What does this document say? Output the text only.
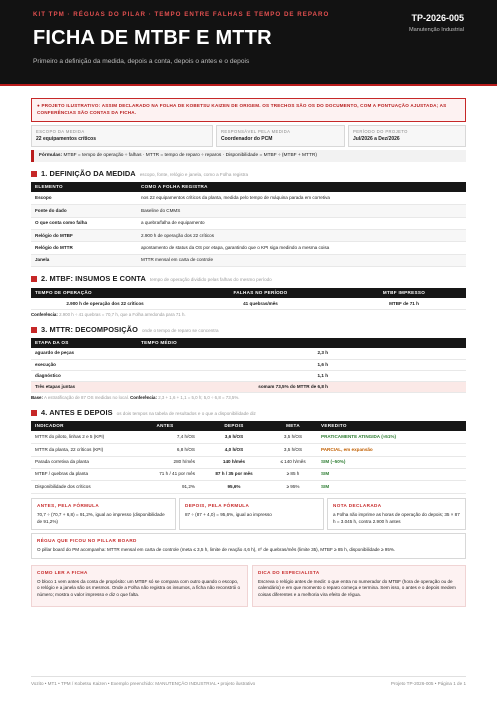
KIT TPM · RÉGUAS DO PILAR · TEMPO ENTRE FALHAS E TEMPO DE REPARO
FICHA DE MTBF E MTTR
Primeiro a definição da medida, depois a conta, depois o antes e o depois
TP-2026-005
Manutenção Industrial
● PROJETO ILUSTRATIVO: ASSIM DECLARADO NA FOLHA DE KOBETSU KAIZEN DE ORIGEM. OS TRECHOS SÃO OS DO DOCUMENTO, COM A PONTUAÇÃO AJUSTADA; AS CONFERÊNCIAS SÃO CONTAS DA FICHA.
ESCOPO DA MEDIDA
22 equipamentos críticos
RESPONSÁVEL PELA MEDIDA
Coordenador do PCM
PERÍODO DO PROJETO
Jul/2026 a Dez/2026
Fórmulas: MTBF = tempo de operação ÷ falhas · MTTR = tempo de reparo ÷ reparos · Disponibilidade = MTBF ÷ (MTBF + MTTR)
1. DEFINIÇÃO DA MEDIDA escopo, fonte, relógio e janela, como a Folha registra
ELEMENTO	COMO A FOLHA REGISTRA
Escopo	nos 22 equipamentos críticos da planta, medida pelo tempo de máquina parada em corretiva
Fonte do dado	Baseline do CMMS
O que conta como falha	a quebra/falha de equipamento
Relógio do MTBF	2.900 h de operação dos 22 críticos
Relógio do MTTR	apontamento de status da OS por etapa, garantindo que o KPI siga medindo a mesma coisa
Janela	MTTR mensal em carta de controle
2. MTBF: INSUMOS E CONTA tempo de operação dividido pelas falhas do mesmo período
TEMPO DE OPERAÇÃO	FALHAS NO PERÍODO	MTBF IMPRESSO
2.900 h de operação dos 22 críticos	41 quebras/mês	MTBF de 71 h
Conferência: 2.900 h ÷ 41 quebras = 70,7 h, que a Folha arredonda para 71 h.
3. MTTR: DECOMPOSIÇÃO onde o tempo de reparo se concentra
ETAPA DA OS	TEMPO MÉDIO
aguardo de peças	2,3 h
execução	1,6 h
diagnóstico	1,1 h
Três etapas juntas	somam 73,5% do MTTR de 6,8 h
Base: A estratificação de 87 OS medidas no local. Conferência: 2,3 + 1,6 + 1,1 = 5,0 h; 5,0 ÷ 6,8 = 73,5%.
4. ANTES E DEPOIS os dois tempos na tabela de resultados e o que a disponibilidade diz
INDICADOR	ANTES	DEPOIS	META	VEREDITO
MTTR do piloto, linhas 2 e 5 (KPI)	7,4 h/OS	3,6 h/OS	3,5 h/OS	PRATICAMENTE ATINGIDA (≈51%)
MTTR da planta, 22 críticos (KPI)	6,8 h/OS	4,0 h/OS	3,5 h/OS	PARCIAL, em expansão
Parada corretiva da planta	280 h/mês	140 h/mês	≤ 140 h/mês	SIM (−50%)
MTBF / quebras da planta	71 h / 41 por mês	87 h / 35 por mês	≥ 85 h	SIM
Disponibilidade dos críticos	91,2%	95,6%	≥ 95%	SIM
ANTES, PELA FÓRMULA
70,7 ÷ (70,7 + 6,8) = 91,2%, igual ao impresso (disponibilidade de 91,2%)
DEPOIS, PELA FÓRMULA
87 ÷ (87 + 4,0) = 95,6%, igual ao impresso
NOTA DECLARADA
a Folha não imprime as horas de operação do depois; 35 × 87 h = 3.045 h, contra 2.900 h antes
RÉGUA QUE FICOU NO PILLAR BOARD
O pillar board do PM acompanha: MTTR mensal em carta de controle (meta ≤ 3,5 h, limite de reação 4,6 h), nº de quebras/mês (limite 35), MTBF ≥ 85 h, disponibilidade ≥ 95%.
COMO LER A FICHA
O bloco 1 vem antes da conta de propósito: um MTBF só se compara com outro quando o escopo, o relógio e a janela são os mesmos. Onde a Folha não registra os insumos, a ficha não reconstrói o número; mostra o valor impresso e diz o que falta.
DICA DO ESPECIALISTA
Escreva o relógio antes de medir: o que entra no numerador do MTBF (hora de operação ou de calendário) e em que momento o reparo começa e termina. Sem isso, o antes e o depois medem coisas diferentes e a melhoria vira efeito de régua.
Vozito • MT1 • TPM / Kobetsu Kaizen • Exemplo preenchido: MANUTENÇÃO INDUSTRIAL • projeto ilustrativo	Projeto TP-2026-005 • Página 1 de 1
